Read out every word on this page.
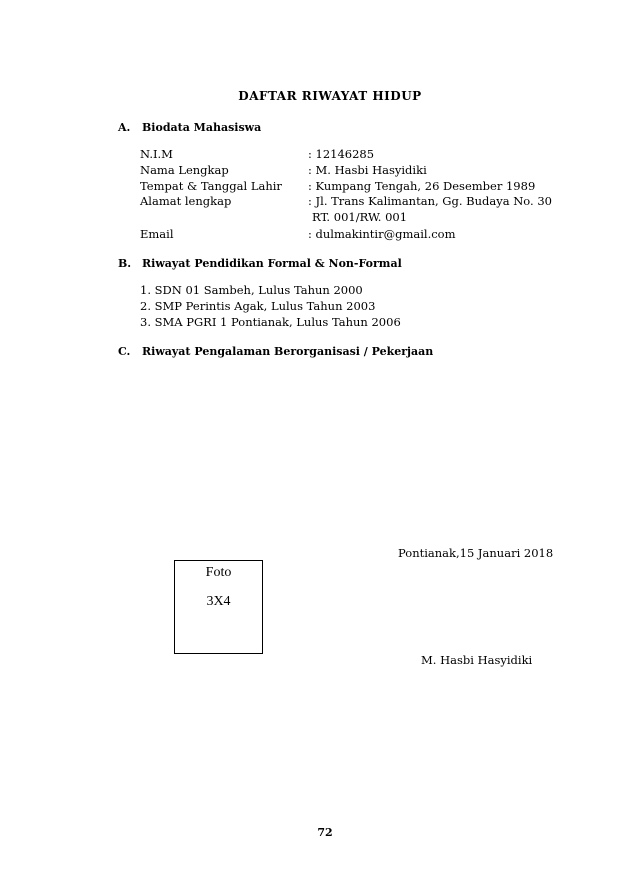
DAFTAR RIWAYAT HIDUP
A. Biodata Mahasiswa
N.I.M	: 12146285
Nama Lengkap	: M. Hasbi Hasyidiki
Tempat & Tanggal Lahir : Kumpang Tengah, 26 Desember 1989
Alamat lengkap	: Jl. Trans Kalimantan, Gg. Budaya No. 30
RT. 001/RW. 001
Email	: dulmakintir@gmail.com
B. Riwayat Pendidikan Formal & Non-Formal
1. SDN 01 Sambeh, Lulus Tahun 2000
2. SMP Perintis Agak, Lulus Tahun 2003
3. SMA PGRI 1 Pontianak, Lulus Tahun 2006
C. Riwayat Pengalaman Berorganisasi / Pekerjaan
Pontianak,15 Januari 2018
Foto
3X4
M. Hasbi Hasyidiki
72
